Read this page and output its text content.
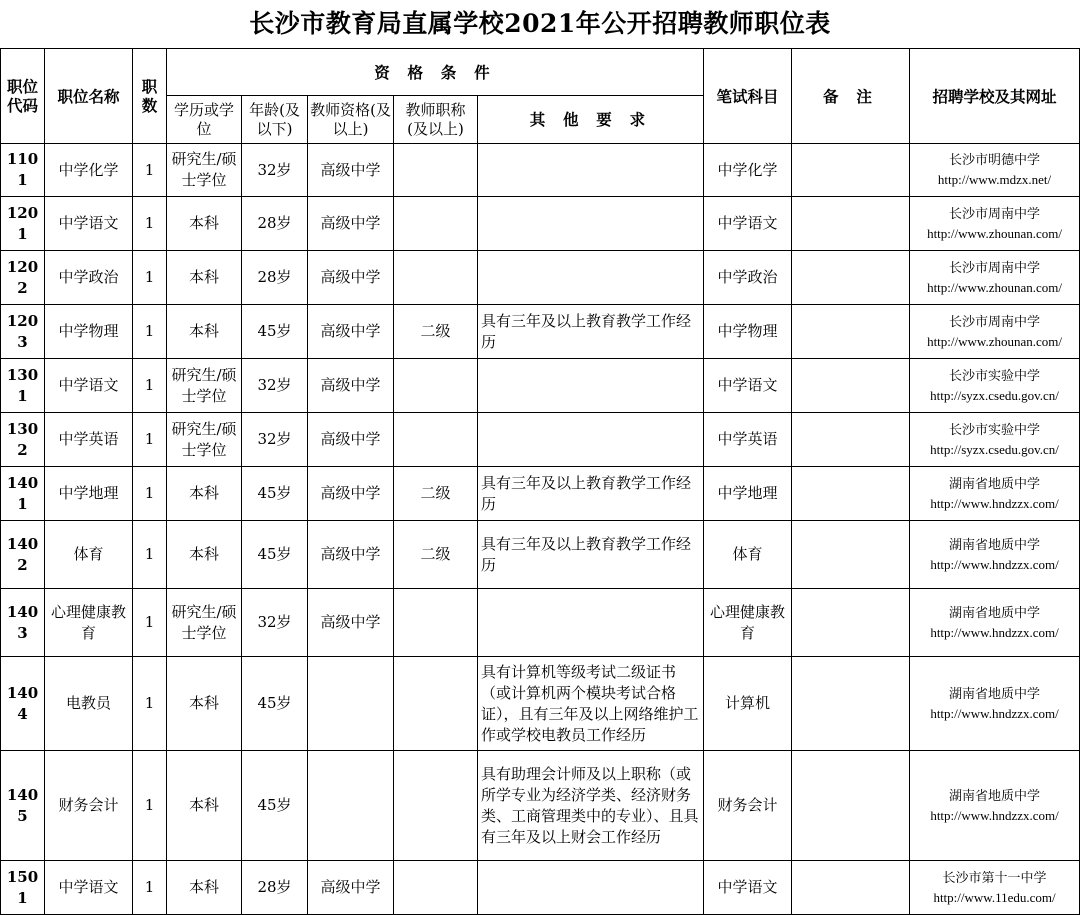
长沙市教育局直属学校2021年公开招聘教师职位表
职位代码	职位名称	职数	资 格 条 件					笔试科目	备 注	招聘学校及其网址
			学历或学位	年龄(及以下)	教师资格(及以上)	教师职称(及以上)	其 他 要 求			
1101	中学化学	1	研究生/硕士学位	32岁	高级中学			中学化学		长沙市明德中学
http://www.mdzx.net/

1201	中学语文	1	本科	28岁	高级中学			中学语文		长沙市周南中学
http://www.zhounan.com/

1202	中学政治	1	本科	28岁	高级中学			中学政治		长沙市周南中学
http://www.zhounan.com/

1203	中学物理	1	本科	45岁	高级中学	二级	具有三年及以上教育教学工作经历	中学物理		长沙市周南中学
http://www.zhounan.com/

1301	中学语文	1	研究生/硕士学位	32岁	高级中学			中学语文		长沙市实验中学
http://syzx.csedu.gov.cn/

1302	中学英语	1	研究生/硕士学位	32岁	高级中学			中学英语		长沙市实验中学
http://syzx.csedu.gov.cn/

1401	中学地理	1	本科	45岁	高级中学	二级	具有三年及以上教育教学工作经历	中学地理		湖南省地质中学
http://www.hndzzx.com/

1402	体育	1	本科	45岁	高级中学	二级	具有三年及以上教育教学工作经历	体育		湖南省地质中学
http://www.hndzzx.com/

1403	心理健康教育	1	研究生/硕士学位	32岁	高级中学			心理健康教育		湖南省地质中学
http://www.hndzzx.com/

1404	电教员	1	本科	45岁			具有计算机等级考试二级证书（或计算机两个模块考试合格证），且有三年及以上网络维护工作或学校电教员工作经历	计算机		湖南省地质中学
http://www.hndzzx.com/

1405	财务会计	1	本科	45岁			具有助理会计师及以上职称（或所学专业为经济学类、经济财务类、工商管理类中的专业）、且具有三年及以上财会工作经历	财务会计		湖南省地质中学
http://www.hndzzx.com/

1501	中学语文	1	本科	28岁	高级中学			中学语文		长沙市第十一中学
http://www.11edu.com/
